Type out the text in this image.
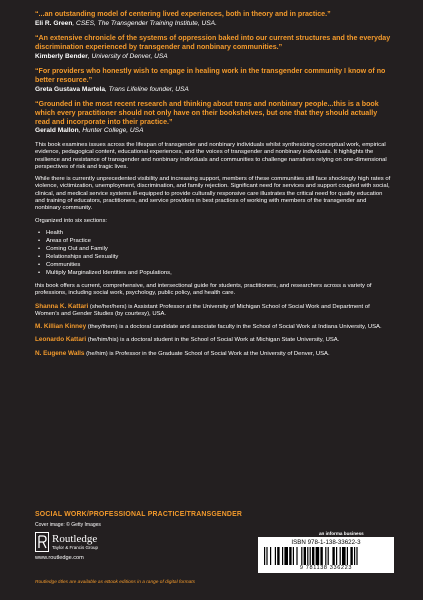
“...an outstanding model of centering lived experiences, both in theory and in practice.”
Eli R. Green, CSES, The Transgender Training Institute, USA.
“An extensive chronicle of the systems of oppression baked into our current structures and the everyday discrimination experienced by transgender and nonbinary communities.”
Kimberly Bender, University of Denver, USA
“For providers who honestly wish to engage in healing work in the transgender community I know of no better resource.”
Greta Gustava Martela, Trans Lifeline founder, USA
“Grounded in the most recent research and thinking about trans and nonbinary people...this is a book which every practitioner should not only have on their bookshelves, but one that they should actually read and incorporate into their practice.”
Gerald Mallon, Hunter College, USA

This book examines issues across the lifespan of transgender and nonbinary individuals whilst synthesizing conceptual work, empirical evidence, pedagogical content, educational experiences, and the voices of transgender and nonbinary individuals. It highlights the resilience and resistance of transgender and nonbinary individuals and communities to challenge narratives relying on one-dimensional perspectives of risk and tragic lives.

While there is currently unprecedented visibility and increasing support, members of these communities still face shockingly high rates of violence, victimization, unemployment, discrimination, and family rejection. Significant need for services and support coupled with social, clinical, and medical service systems ill-equipped to provide culturally responsive care illustrates the critical need for quality education and training of educators, practitioners, and service providers in best practices of working with members of the transgender and nonbinary community.

Organized into six sections:

• Health
• Areas of Practice
• Coming Out and Family
• Relationships and Sexuality
• Communities
• Multiply Marginalized Identities and Populations,

this book offers a current, comprehensive, and intersectional guide for students, practitioners, and researchers across a variety of professions, including social work, psychology, public policy, and health care.

Shanna K. Kattari (she/her/hers) is Assistant Professor at the University of Michigan School of Social Work and Department of Women’s and Gender Studies (by courtesy), USA.

M. Killian Kinney (they/them) is a doctoral candidate and associate faculty in the School of Social Work at Indiana University, USA.

Leonardo Kattari (he/him/his) is a doctoral student in the School of Social Work at Michigan State University, USA.

N. Eugene Walls (he/him) is Professor in the Graduate School of Social Work at the University of Denver, USA.

SOCIAL WORK/PROFESSIONAL PRACTICE/TRANSGENDER
Cover image: © Getty Images
Routledge
Taylor & Francis Group
www.routledge.com
an informa business
ISBN 978-1-138-33622-3
9 781138 336223
Routledge titles are available as eBook editions in a range of digital formats
